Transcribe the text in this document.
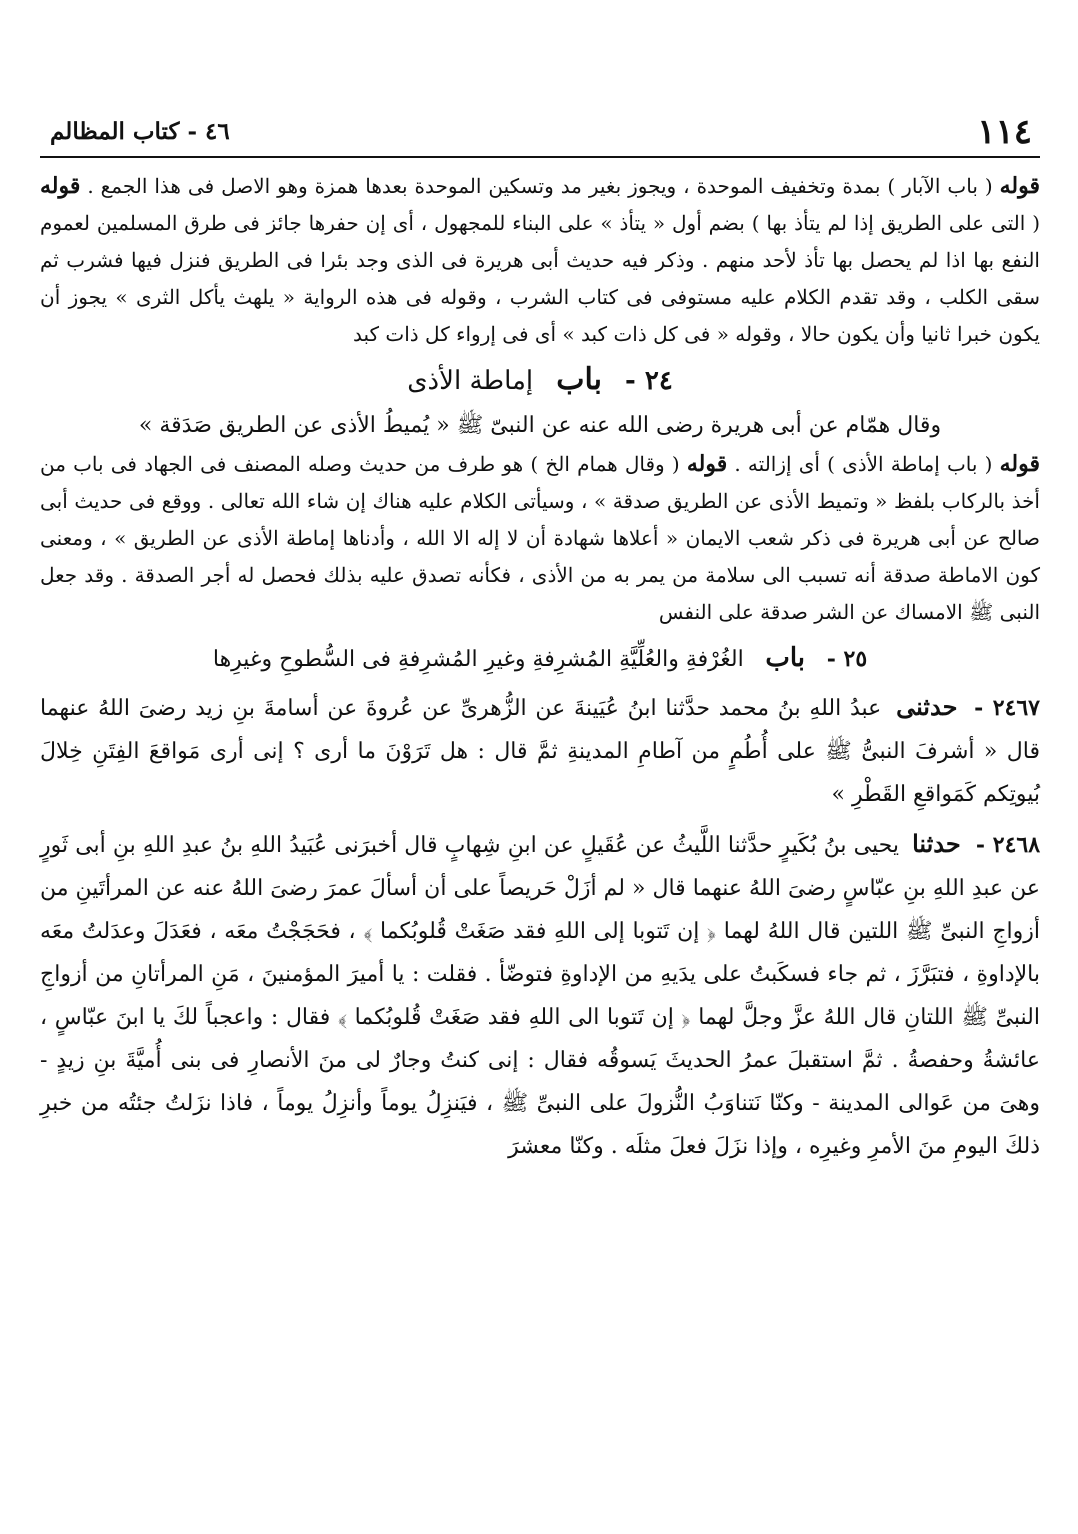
١١٤
٤٦ - كتاب المظالم

قوله ( باب الآبار ) بمدة وتخفيف الموحدة ، ويجوز بغير مد وتسكين الموحدة بعدها همزة وهو الاصل فى هذا الجمع . قوله ( التى على الطريق إذا لم يتأذ بها ) بضم أول « يتأذ » على البناء للمجهول ، أى إن حفرها جائز فى طرق المسلمين لعموم النفع بها اذا لم يحصل بها تأذ لأحد منهم . وذكر فيه حديث أبى هريرة فى الذى وجد بئرا فى الطريق فنزل فيها فشرب ثم سقى الكلب ، وقد تقدم الكلام عليه مستوفى فى كتاب الشرب ، وقوله فى هذه الرواية « يلهث يأكل الثرى » يجوز أن يكون خبرا ثانيا وأن يكون حالا ، وقوله « فى كل ذات كبد » أى فى إرواء كل ذات كبد

٢٤ - باب إماطة الأذى

وقال همّام عن أبى هريرة رضى الله عنه عن النبىّ ﷺ « يُميطُ الأذى عن الطريق صَدَقة »

قوله ( باب إماطة الأذى ) أى إزالته . قوله ( وقال همام الخ ) هو طرف من حديث وصله المصنف فى الجهاد فى باب من أخذ بالركاب بلفظ « وتميط الأذى عن الطريق صدقة » ، وسيأتى الكلام عليه هناك إن شاء الله تعالى . ووقع فى حديث أبى صالح عن أبى هريرة فى ذكر شعب الايمان « أعلاها شهادة أن لا إله الا الله ، وأدناها إماطة الأذى عن الطريق » ، ومعنى كون الاماطة صدقة أنه تسبب الى سلامة من يمر به من الأذى ، فكأنه تصدق عليه بذلك فحصل له أجر الصدقة . وقد جعل النبى ﷺ الامساك عن الشر صدقة على النفس

٢٥ - باب الغُرْفةِ والعُلِّيَّةِ المُشرِفةِ وغيرِ المُشرِفةِ فى السُّطوحِ وغيرِها

٢٤٦٧ - حدثنى عبدُ اللهِ بنُ محمد حدَّثنا ابنُ عُيَينةَ عن الزُّهرىِّ عن عُروةَ عن أسامةَ بنِ زيد رضىَ اللهُ عنهما قال « أشرفَ النبىُّ ﷺ على أُطُمٍ من آطامِ المدينةِ ثمَّ قال : هل تَرَوْنَ ما أرى ؟ إنى أرى مَواقعَ الفِتَنِ خِلالَ بُيوتِكم كَمَواقعِ القَطْرِ »

٢٤٦٨ - حدثنا يحيى بنُ بُكَيرٍ حدَّثنا اللَّيثُ عن عُقَيلٍ عن ابنِ شِهابٍ قال أخبرَنى عُبَيدُ اللهِ بنُ عبدِ اللهِ بنِ أبى ثَورٍ عن عبدِ اللهِ بنِ عبّاسٍ رضىَ اللهُ عنهما قال « لم أزَلْ حَريصاً على أن أسألَ عمرَ رضىَ اللهُ عنه عن المرأتَينِ من أزواجِ النبىِّ ﷺ اللتين قال اللهُ لهما ﴿ إن تَتوبا إلى اللهِ فقد صَغَتْ قُلوبُكما ﴾ ، فحَجَجْتُ معَه ، فعَدَلَ وعدَلتُ معَه بالإداوةِ ، فتبَرَّزَ ، ثم جاء فسكَبتُ على يدَيهِ من الإداوةِ فتوضّأ . فقلت : يا أميرَ المؤمنينَ ، مَنِ المرأتانِ من أزواجِ النبىِّ ﷺ اللتانِ قال اللهُ عزَّ وجلَّ لهما ﴿ إن تَتوبا الى اللهِ فقد صَغَتْ قُلوبُكما ﴾ فقال : واعجباً لكَ يا ابنَ عبّاسٍ ، عائشةُ وحفصةُ . ثمَّ استقبلَ عمرُ الحديثَ يَسوقُه فقال : إنى كنتُ وجارٌ لى منَ الأنصارِ فى بنى أُميَّةَ بنِ زيدٍ - وهىَ من عَوالى المدينة - وكنّا نَتناوَبُ النُّزولَ على النبىِّ ﷺ ، فيَنزِلُ يوماً وأنزِلُ يوماً ، فاذا نزَلتُ جئتُه من خبرِ ذلكَ اليومِ منَ الأمرِ وغيرِه ، وإذا نزَلَ فعلَ مثلَه . وكنّا معشرَ
